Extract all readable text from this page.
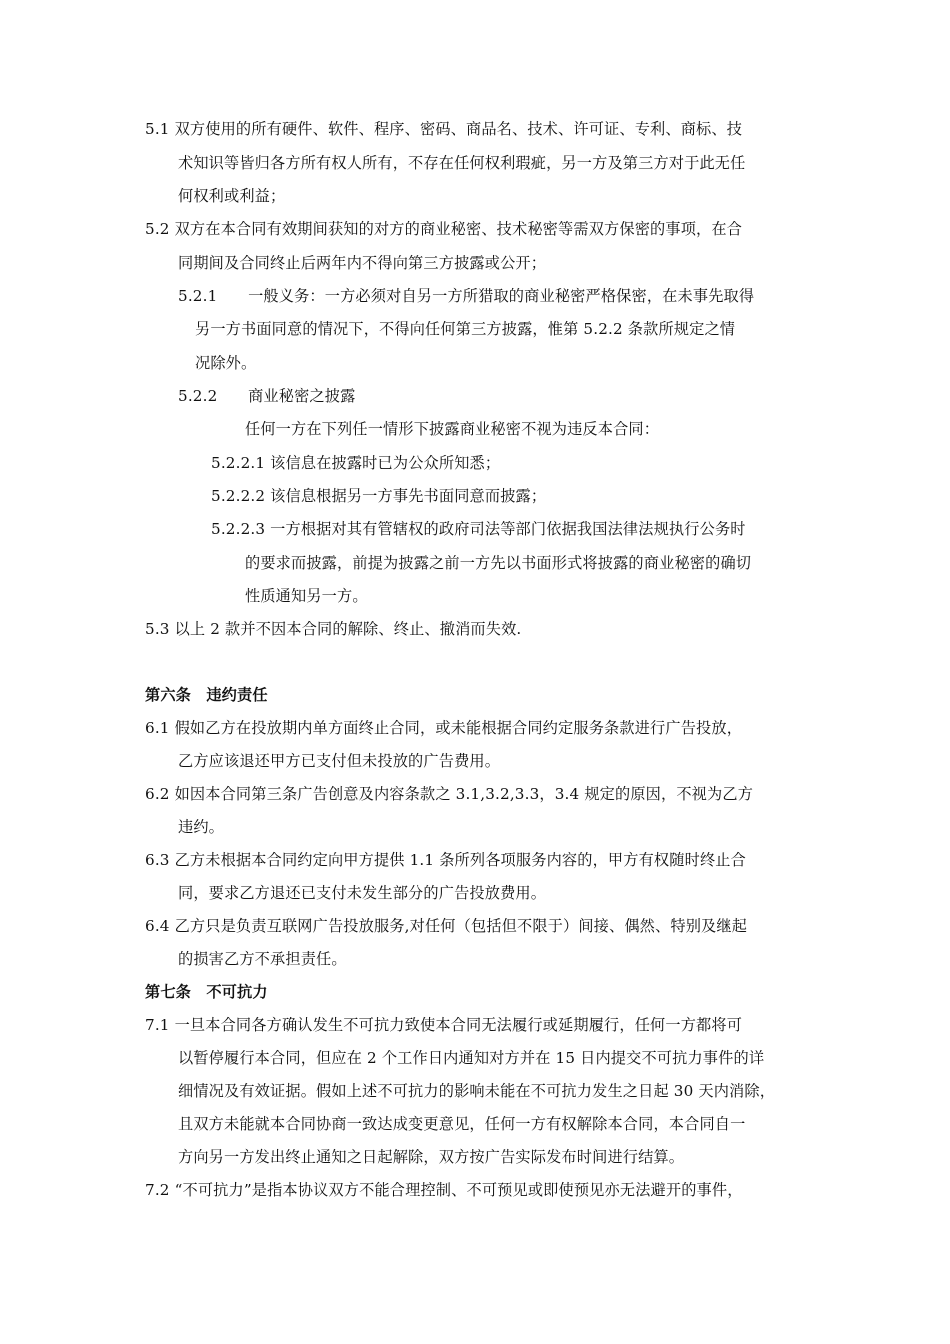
5.1 双方使用的所有硬件、软件、程序、密码、商品名、技术、许可证、专利、商标、技
术知识等皆归各方所有权人所有，不存在任何权利瑕疵，另一方及第三方对于此无任
何权利或利益；
5.2 双方在本合同有效期间获知的对方的商业秘密、技术秘密等需双方保密的事项，在合
同期间及合同终止后两年内不得向第三方披露或公开；
5.2.1　　一般义务：一方必须对自另一方所猎取的商业秘密严格保密，在未事先取得
另一方书面同意的情况下，不得向任何第三方披露，惟第 5.2.2 条款所规定之情
况除外。
5.2.2　　商业秘密之披露
任何一方在下列任一情形下披露商业秘密不视为违反本合同：
5.2.2.1 该信息在披露时已为公众所知悉；
5.2.2.2 该信息根据另一方事先书面同意而披露；
5.2.2.3 一方根据对其有管辖权的政府司法等部门依据我国法律法规执行公务时
的要求而披露，前提为披露之前一方先以书面形式将披露的商业秘密的确切
性质通知另一方。
5.3 以上 2 款并不因本合同的解除、终止、撤消而失效.
第六条　违约责任
6.1 假如乙方在投放期内单方面终止合同，或未能根据合同约定服务条款进行广告投放，
乙方应该退还甲方已支付但未投放的广告费用。
6.2 如因本合同第三条广告创意及内容条款之 3.1,3.2,3.3，3.4 规定的原因，不视为乙方
违约。
6.3 乙方未根据本合同约定向甲方提供 1.1 条所列各项服务内容的，甲方有权随时终止合
同，要求乙方退还已支付未发生部分的广告投放费用。
6.4 乙方只是负责互联网广告投放服务,对任何（包括但不限于）间接、偶然、特别及继起
的损害乙方不承担责任。
第七条　不可抗力
7.1 一旦本合同各方确认发生不可抗力致使本合同无法履行或延期履行，任何一方都将可
以暂停履行本合同，但应在 2 个工作日内通知对方并在 15 日内提交不可抗力事件的详
细情况及有效证据。假如上述不可抗力的影响未能在不可抗力发生之日起 30 天内消除，
且双方未能就本合同协商一致达成变更意见，任何一方有权解除本合同，本合同自一
方向另一方发出终止通知之日起解除，双方按广告实际发布时间进行结算。
7.2 “不可抗力”是指本协议双方不能合理控制、不可预见或即使预见亦无法避开的事件，
